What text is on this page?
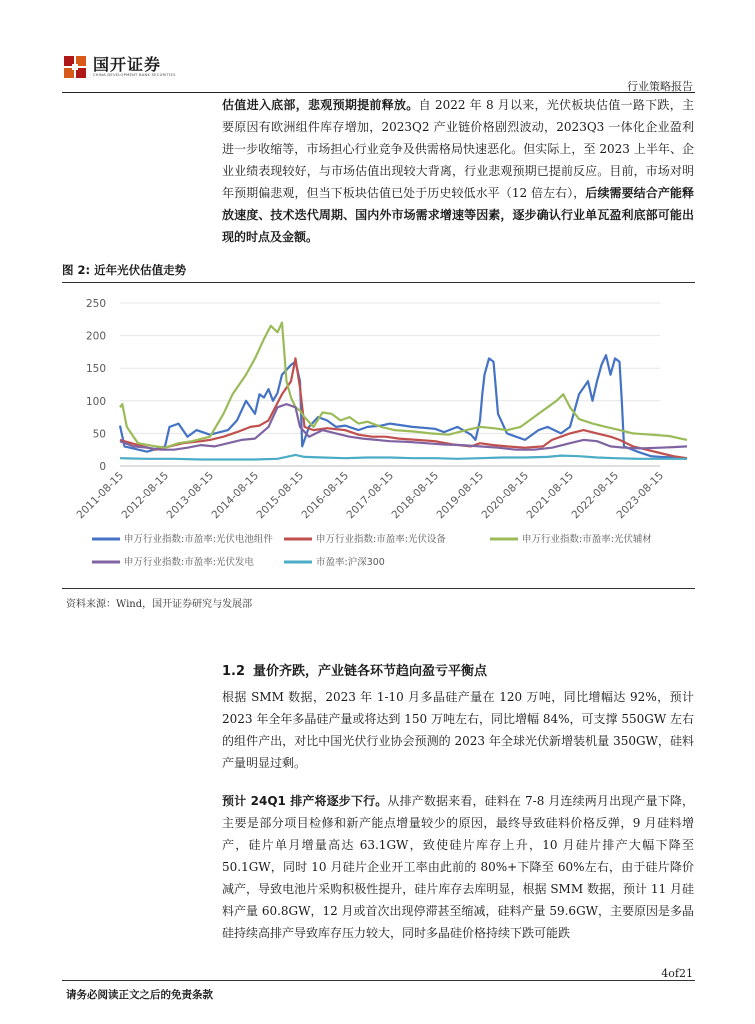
国开证券
CHINA DEVELOPMENT BANK SECURITIES
行业策略报告

估值进入底部，悲观预期提前释放。自 2022 年 8 月以来，光伏板块估值一路下跌，主要原因有欧洲组件库存增加，2023Q2 产业链价格剧烈波动，2023Q3 一体化企业盈利进一步收缩等，市场担心行业竞争及供需格局快速恶化。但实际上，至 2023 上半年、企业业绩表现较好，与市场估值出现较大背离，行业悲观预期已提前反应。目前，市场对明年预期偏悲观，但当下板块估值已处于历史较低水平（12 倍左右），后续需要结合产能释放速度、技术迭代周期、国内外市场需求增速等因素，逐步确认行业单瓦盈利底部可能出现的时点及金额。

图 2: 近年光伏估值走势
0
50
100
150
200
250
2011-08-15
2012-08-15
2013-08-15
2014-08-15
2015-08-15
2016-08-15
2017-08-15
2018-08-15
2019-08-15
2020-08-15
2021-08-15
2022-08-15
2023-08-15
申万行业指数:市盈率:光伏电池组件	申万行业指数:市盈率:光伏设备	申万行业指数:市盈率:光伏辅材
申万行业指数:市盈率:光伏发电	市盈率:沪深300
资料来源：Wind，国开证券研究与发展部
1.2 量价齐跌，产业链各环节趋向盈亏平衡点

根据 SMM 数据，2023 年 1-10 月多晶硅产量在 120 万吨，同比增幅达 92%，预计 2023 年全年多晶硅产量或将达到 150 万吨左右，同比增幅 84%，可支撑 550GW 左右的组件产出，对比中国光伏行业协会预测的 2023 年全球光伏新增装机量 350GW，硅料产量明显过剩。

预计 24Q1 排产将逐步下行。从排产数据来看，硅料在 7-8 月连续两月出现产量下降，主要是部分项目检修和新产能点增量较少的原因，最终导致硅料价格反弹，9 月硅料增产，硅片单月增量高达 63.1GW，致使硅片库存上升，10 月硅片排产大幅下降至 50.1GW，同时 10 月硅片企业开工率由此前的 80%+下降至 60%左右，由于硅片降价减产，导致电池片采购积极性提升，硅片库存去库明显，根据 SMM 数据，预计 11 月硅料产量 60.8GW，12 月或首次出现停滞甚至缩减，硅料产量 59.6GW，主要原因是多晶硅持续高排产导致库存压力较大，同时多晶硅价格持续下跌可能跌

4of21
请务必阅读正文之后的免责条款
